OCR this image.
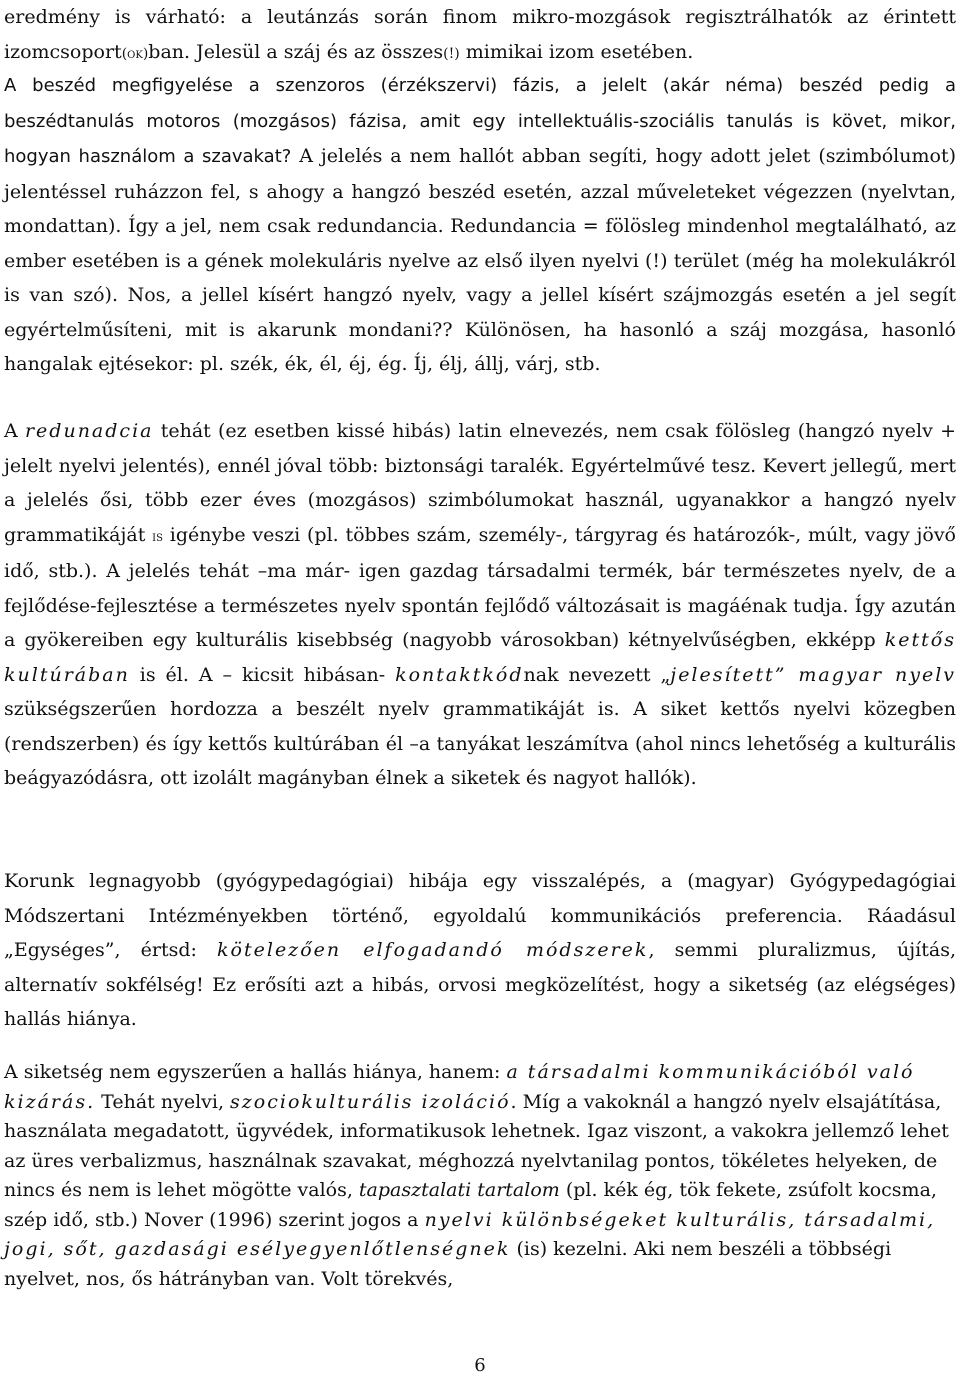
eredmény is várható: a leutánzás során finom mikro-mozgások regisztrálhatók az érintett izomcsoport(ok)ban. Jelesül a száj és az összes(!) mimikai izom esetében.

A beszéd megfigyelése a szenzoros (érzékszervi) fázis, a jelelt (akár néma) beszéd pedig a beszédtanulás motoros (mozgásos) fázisa, amit egy intellektuális-szociális tanulás is követ, mikor, hogyan használom a szavakat? A jelelés a nem hallót abban segíti, hogy adott jelet (szimbólumot) jelentéssel ruházzon fel, s ahogy a hangzó beszéd esetén, azzal műveleteket végezzen (nyelvtan, mondattan). Így a jel, nem csak redundancia. Redundancia = fölösleg mindenhol megtalálható, az ember esetében is a gének molekuláris nyelve az első ilyen nyelvi (!) terület (még ha molekulákról is van szó). Nos, a jellel kísért hangzó nyelv, vagy a jellel kísért szájmozgás esetén a jel segít egyértelműsíteni, mit is akarunk mondani?? Különösen, ha hasonló a száj mozgása, hasonló hangalak ejtésekor: pl. szék, ék, él, éj, ég. Íj, élj, állj, várj, stb.

A redunadcia tehát (ez esetben kissé hibás) latin elnevezés, nem csak fölösleg (hangzó nyelv + jelelt nyelvi jelentés), ennél jóval több: biztonsági taralék. Egyértelművé tesz. Kevert jellegű, mert a jelelés ősi, több ezer éves (mozgásos) szimbólumokat használ, ugyanakkor a hangzó nyelv grammatikáját is igénybe veszi (pl. többes szám, személy-, tárgyrag és határozók-, múlt, vagy jövő idő, stb.). A jelelés tehát –ma már- igen gazdag társadalmi termék, bár természetes nyelv, de a fejlődése-fejlesztése a természetes nyelv spontán fejlődő változásait is magáénak tudja. Így azután a gyökereiben egy kulturális kisebbség (nagyobb városokban) kétnyelvűségben, ekképp kettős kultúrában is él. A – kicsit hibásan- kontaktkódnak nevezett „jelesített” magyar nyelv szükségszerűen hordozza a beszélt nyelv grammatikáját is. A siket kettős nyelvi közegben (rendszerben) és így kettős kultúrában él –a tanyákat leszámítva (ahol nincs lehetőség a kulturális beágyazódásra, ott izolált magányban élnek a siketek és nagyot hallók).

Korunk legnagyobb (gyógypedagógiai) hibája egy visszalépés, a (magyar) Gyógypedagógiai Módszertani Intézményekben történő, egyoldalú kommunikációs preferencia. Ráadásul „Egységes”, értsd: kötelezően elfogadandó módszerek, semmi pluralizmus, újítás, alternatív sokfélség! Ez erősíti azt a hibás, orvosi megközelítést, hogy a siketség (az elégséges) hallás hiánya.

A siketség nem egyszerűen a hallás hiánya, hanem: a társadalmi kommunikációból való kizárás. Tehát nyelvi, szociokulturális izoláció. Míg a vakoknál a hangzó nyelv elsajátítása, használata megadatott, ügyvédek, informatikusok lehetnek. Igaz viszont, a vakokra jellemző lehet az üres verbalizmus, használnak szavakat, méghozzá nyelvtanilag pontos, tökéletes helyeken, de nincs és nem is lehet mögötte valós, tapasztalati tartalom (pl. kék ég, tök fekete, zsúfolt kocsma, szép idő, stb.) Nover (1996) szerint jogos a nyelvi különbségeket kulturális, társadalmi, jogi, sőt, gazdasági esélyegyenlőtlenségnek (is) kezelni. Aki nem beszéli a többségi nyelvet, nos, ős hátrányban van. Volt törekvés,

6
